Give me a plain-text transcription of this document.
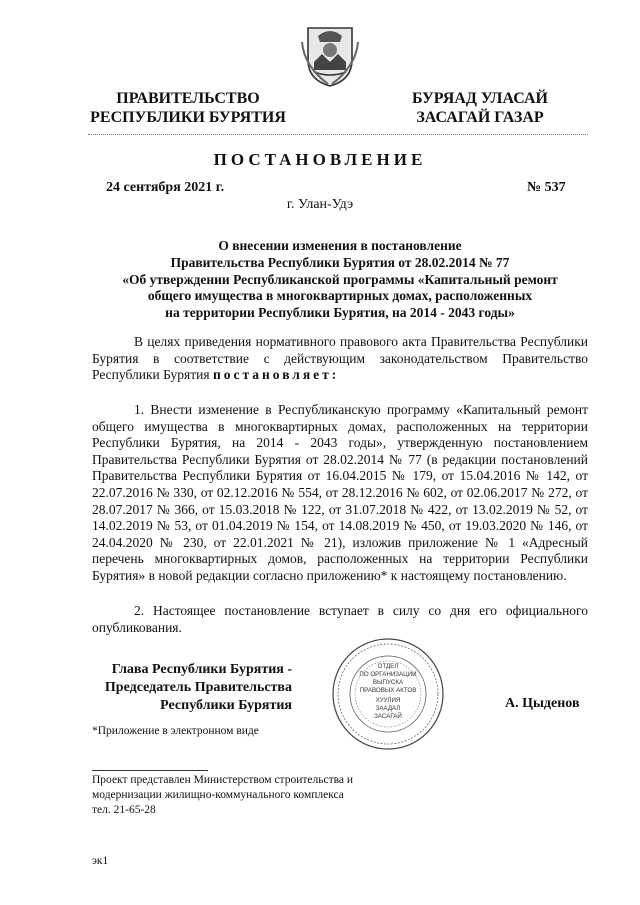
ПРАВИТЕЛЬСТВО
РЕСПУБЛИКИ БУРЯТИЯ
БУРЯАД УЛАСАЙ
ЗАСАГАЙ ГАЗАР
ПОСТАНОВЛЕНИЕ
24 сентября 2021 г.	№ 537
г. Улан-Удэ
О внесении изменения в постановление
Правительства Республики Бурятия от 28.02.2014 № 77
«Об утверждении Республиканской программы «Капитальный ремонт
общего имущества в многоквартирных домах, расположенных
на территории Республики Бурятия, на 2014 - 2043 годы»
В целях приведения нормативного правового акта Правительства Республики Бурятия в соответствие с действующим законодательством Правительство Республики Бурятия постановляет:
1. Внести изменение в Республиканскую программу «Капитальный ремонт общего имущества в многоквартирных домах, расположенных на территории Республики Бурятия, на 2014 - 2043 годы», утвержденную постановлением Правительства Республики Бурятия от 28.02.2014 № 77 (в редакции постановлений Правительства Республики Бурятия от 16.04.2015 № 179, от 15.04.2016 № 142, от 22.07.2016 № 330, от 02.12.2016 № 554, от 28.12.2016 № 602, от 02.06.2017 № 272, от 28.07.2017 № 366, от 15.03.2018 № 122, от 31.07.2018 № 422, от 13.02.2019 № 52, от 14.02.2019 № 53, от 01.04.2019 № 154, от 14.08.2019 № 450, от 19.03.2020 № 146, от 24.04.2020 № 230, от 22.01.2021 № 21), изложив приложение № 1 «Адресный перечень многоквартирных домов, расположенных на территории Республики Бурятия» в новой редакции согласно приложению* к настоящему постановлению.
2. Настоящее постановление вступает в силу со дня его официального опубликования.
Глава Республики Бурятия -
Председатель Правительства
Республики Бурятия
ОТДЕЛ
ПО ОРГАНИЗАЦИИ
ВЫПУСКА
ПРАВОВЫХ АКТОВ
ХУУЛИЯ
ЗААДАЛ
ЗАСАГАЙ
А. Цыденов
*Приложение в электронном виде
Проект представлен Министерством строительства и
модернизации жилищно-коммунального комплекса
тел. 21-65-28
эк1
